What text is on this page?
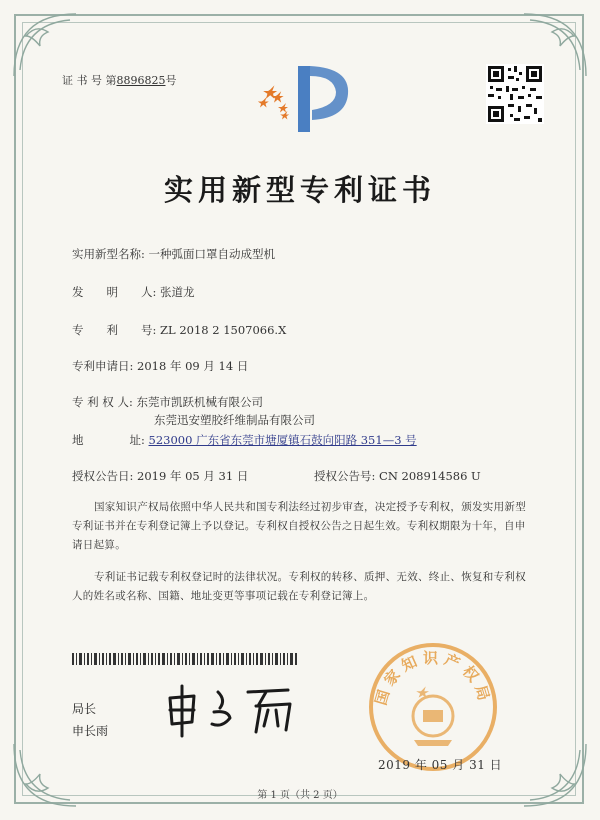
证 书 号 第8896825号
实用新型专利证书
实用新型名称: 一种弧面口罩自动成型机
发　　明　　人: 张道龙
专　　利　　号: ZL 2018 2 1507066.X
专利申请日: 2018 年 09 月 14 日
专 利 权 人: 东莞市凯跃机械有限公司
东莞迅安塑胶纤维制品有限公司
地　　　　址: 523000 广东省东莞市塘厦镇石鼓向阳路 351—3 号
授权公告日: 2019 年 05 月 31 日	授权公告号: CN 208914586 U
国家知识产权局依照中华人民共和国专利法经过初步审查，决定授予专利权，颁发实用新型专利证书并在专利登记簿上予以登记。专利权自授权公告之日起生效。专利权期限为十年，自申请日起算。
专利证书记载专利权登记时的法律状况。专利权的转移、质押、无效、终止、恢复和专利权人的姓名或名称、国籍、地址变更等事项记载在专利登记簿上。
局长
申长雨
国家知识产权局
2019 年 05 月 31 日
第 1 页（共 2 页）
